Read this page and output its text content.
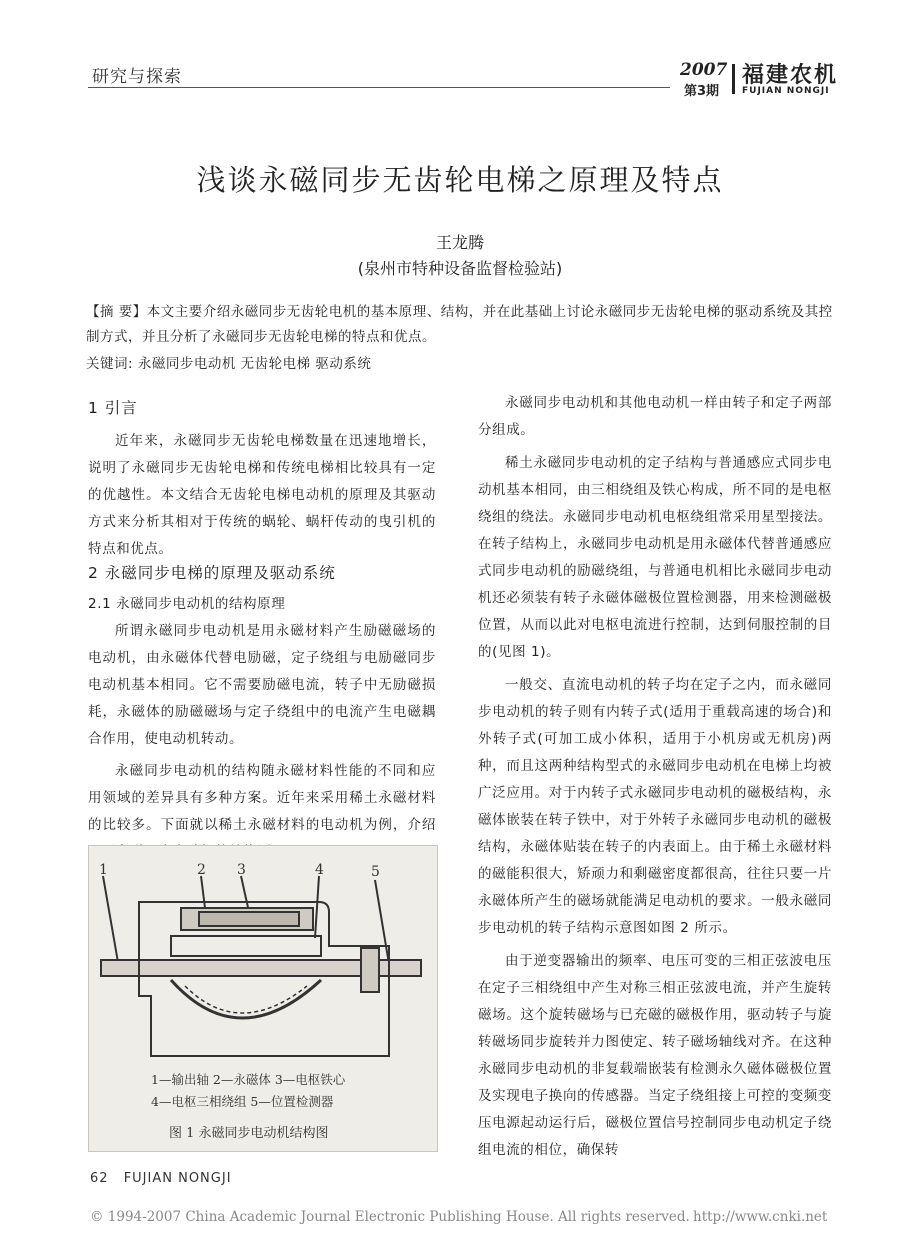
研究与探索	2007
第3期
福建农机
FUJIAN NONGJI
浅谈永磁同步无齿轮电梯之原理及特点
王龙腾
(泉州市特种设备监督检验站)
【摘 要】本文主要介绍永磁同步无齿轮电机的基本原理、结构，并在此基础上讨论永磁同步无齿轮电梯的驱动系统及其控制方式，并且分析了永磁同步无齿轮电梯的特点和优点。
关键词: 永磁同步电动机 无齿轮电梯 驱动系统
1 引言

近年来，永磁同步无齿轮电梯数量在迅速地增长，说明了永磁同步无齿轮电梯和传统电梯相比较具有一定的优越性。本文结合无齿轮电梯电动机的原理及其驱动方式来分析其相对于传统的蜗轮、蜗杆传动的曳引机的特点和优点。

2 永磁同步电梯的原理及驱动系统
2.1 永磁同步电动机的结构原理

所谓永磁同步电动机是用永磁材料产生励磁磁场的电动机，由永磁体代替电励磁，定子绕组与电励磁同步电动机基本相同。它不需要励磁电流，转子中无励磁损耗，永磁体的励磁磁场与定子绕组中的电流产生电磁耦合作用，使电动机转动。

永磁同步电动机的结构随永磁材料性能的不同和应用领域的差异具有多种方案。近年来采用稀土永磁材料的比较多。下面就以稀土永磁材料的电动机为例，介绍

1	2 3	4	5
1—输出轴 2—永磁体 3—电枢铁心
4—电枢三相绕组 5—位置检测器
图 1 永磁同步电动机结构图

永磁同步电动机和其他电动机一样由转子和定子两部分组成。

稀土永磁同步电动机的定子结构与普通感应式同步电动机基本相同，由三相绕组及铁心构成，所不同的是电枢绕组的绕法。永磁同步电动机电枢绕组常采用星型接法。在转子结构上，永磁同步电动机是用永磁体代替普通感应式同步电动机的励磁绕组，与普通电机相比永磁同步电动机还必须装有转子永磁体磁极位置检测器，用来检测磁极位置，从而以此对电枢电流进行控制，达到伺服控制的目的(见图 1)。

一般交、直流电动机的转子均在定子之内，而永磁同步电动机的转子则有内转子式(适用于重载高速的场合)和外转子式(可加工成小体积，适用于小机房或无机房)两种，而且这两种结构型式的永磁同步电动机在电梯上均被广泛应用。对于内转子式永磁同步电动机的磁极结构，永磁体嵌装在转子铁中，对于外转子永磁同步电动机的磁极结构，永磁体贴装在转子的内表面上。由于稀土永磁材料的磁能积很大，矫顽力和剩磁密度都很高，往往只要一片永磁体所产生的磁场就能满足电动机的要求。一般永磁同步电动机的转子结构示意图如图 2 所示。

由于逆变器输出的频率、电压可变的三相正弦波电压在定子三相绕组中产生对称三相正弦波电流，并产生旋转磁场。这个旋转磁场与已充磁的磁极作用，驱动转子与旋转磁场同步旋转并力图使定、转子磁场轴线对齐。在这种永磁同步电动机的非复载端嵌装有检测永久磁体磁极位置及实现电子换向的传感器。当定子绕组接上可控的变频变压电源起动运行后，磁极位置信号控制同步电动机定子绕组电流的相位，确保转

62 FUJIAN NONGJI
© 1994-2007 China Academic Journal Electronic Publishing House. All rights reserved. http://www.cnki.net
